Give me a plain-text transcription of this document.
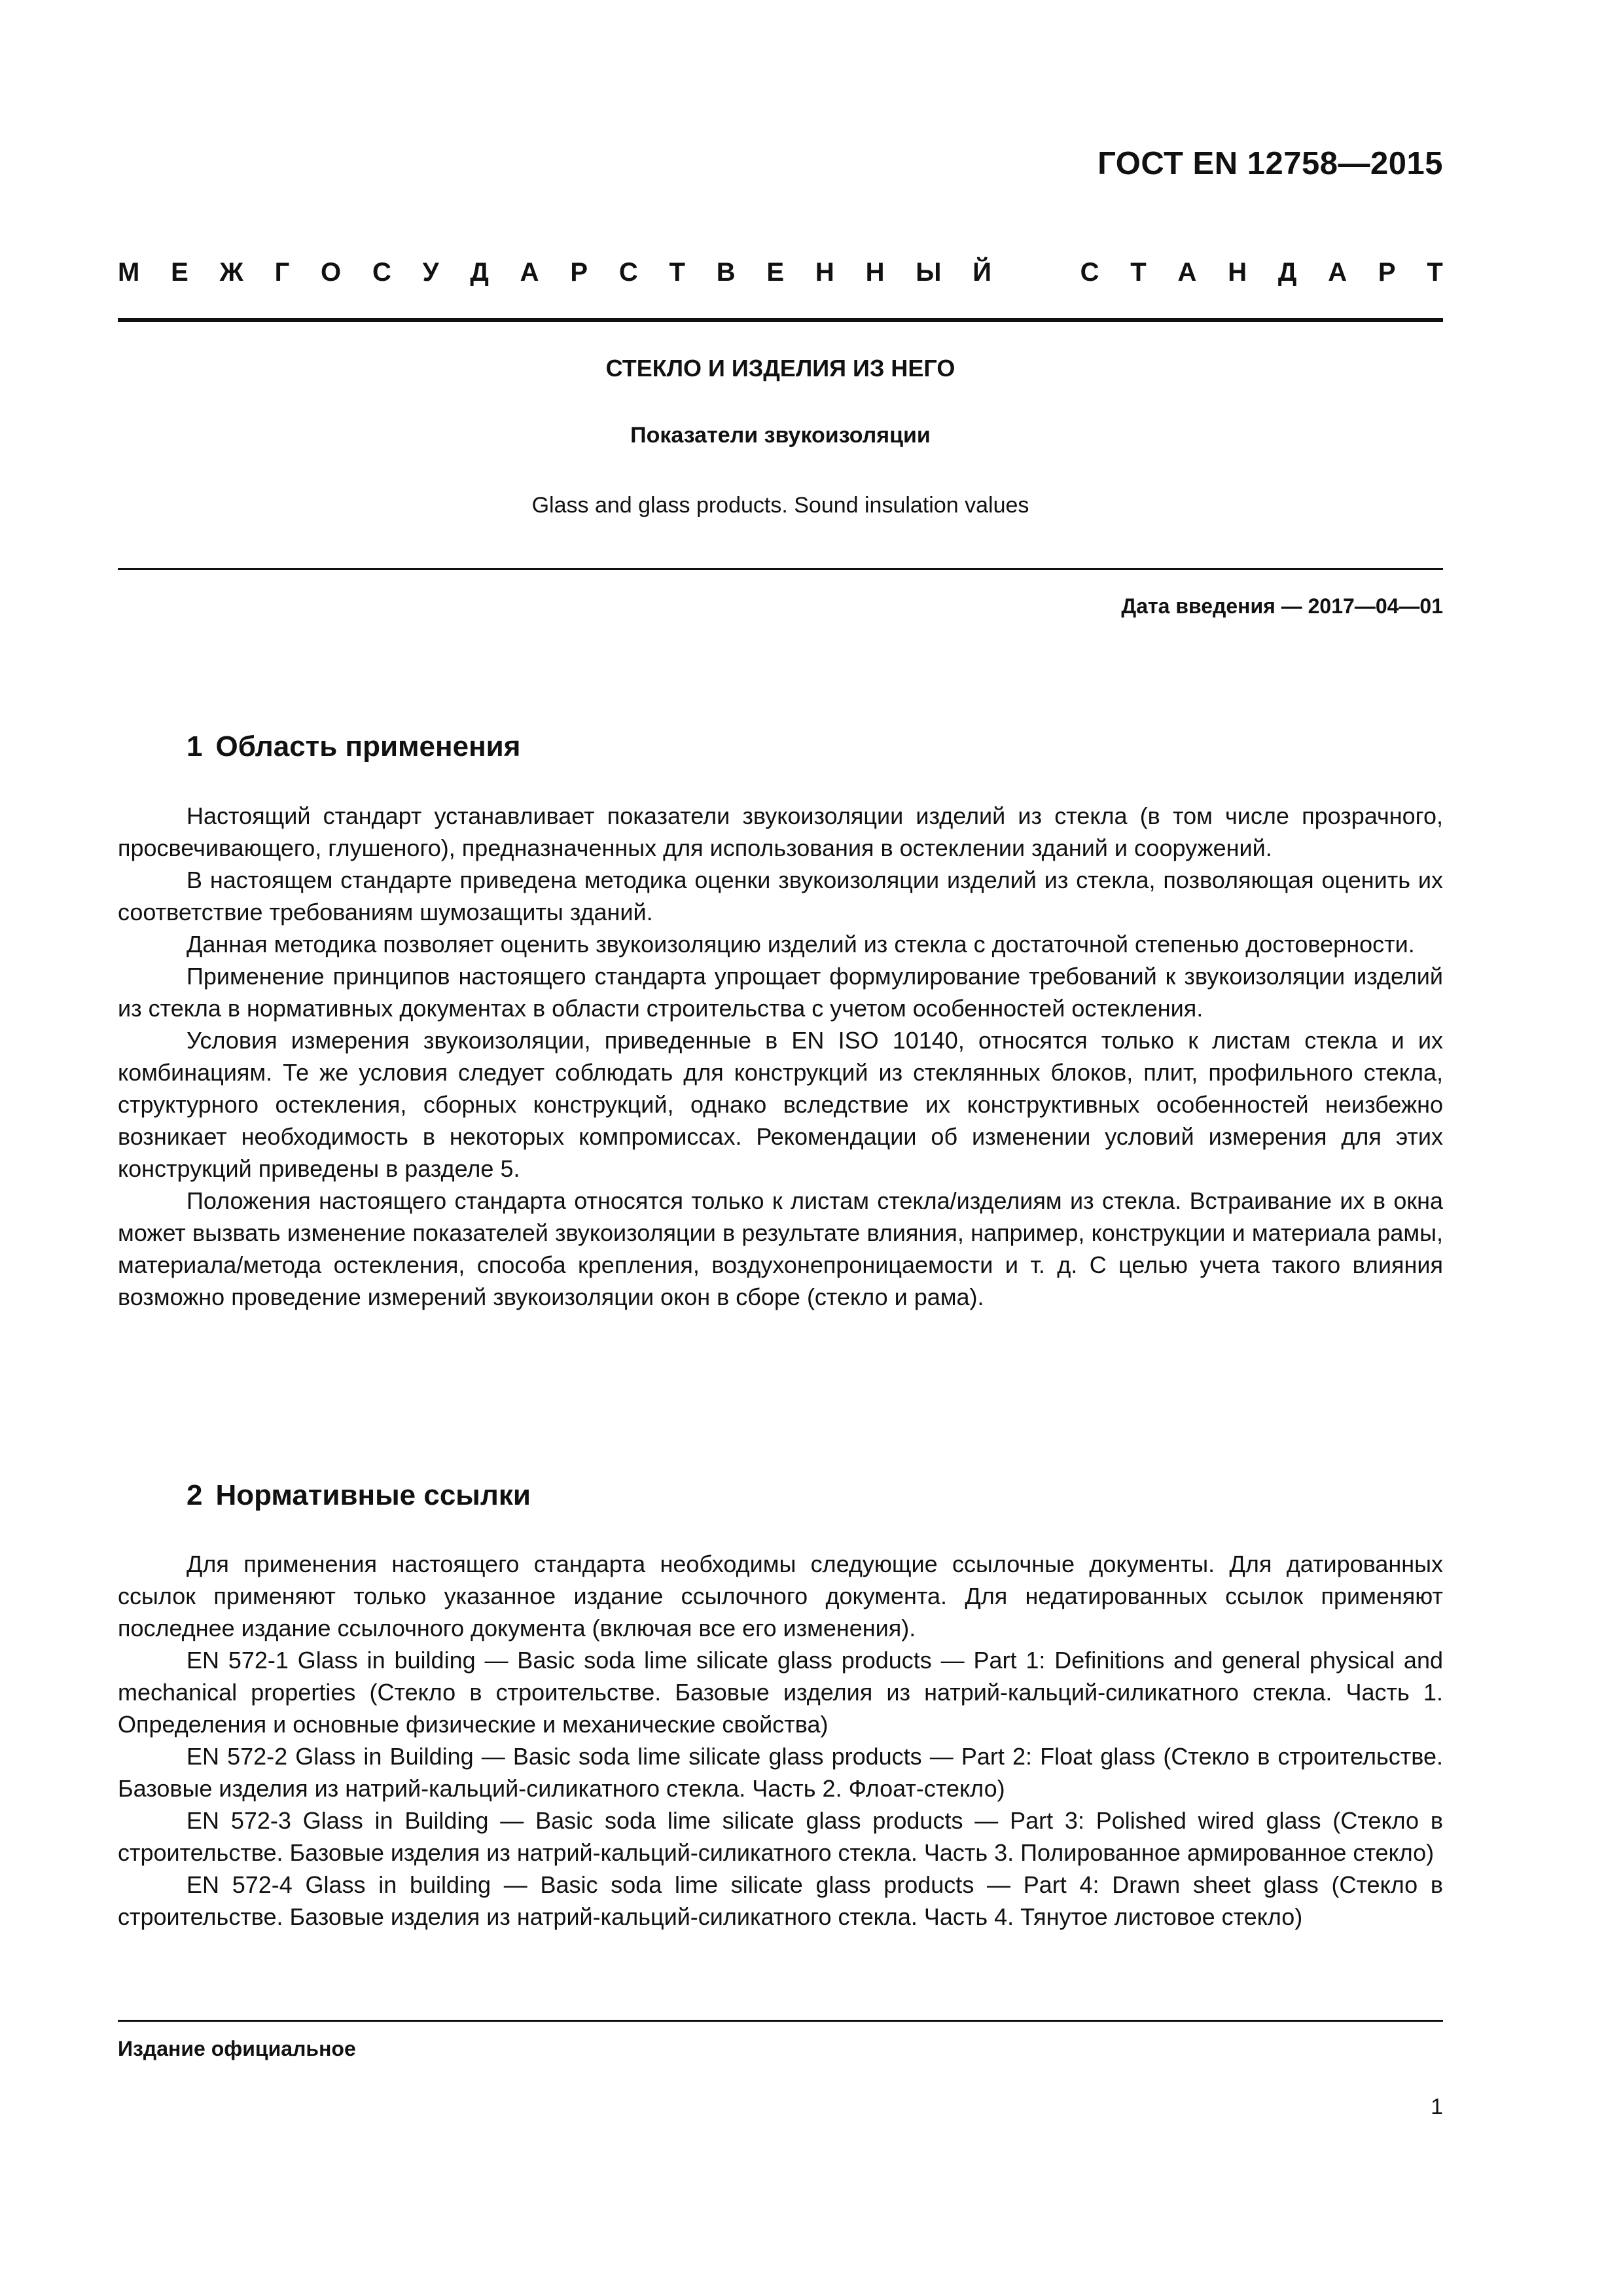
ГОСТ EN 12758—2015
М Е Ж Г О С У Д А Р С Т В Е Н Н Ы Й	С Т А Н Д А Р Т
СТЕКЛО И ИЗДЕЛИЯ ИЗ НЕГО
Показатели звукоизоляции
Glass and glass products. Sound insulation values
Дата введения — 2017—04—01
1 Область применения

Настоящий стандарт устанавливает показатели звукоизоляции изделий из стекла (в том числе прозрачного, просвечивающего, глушеного), предназначенных для использования в остеклении зданий и сооружений.

В настоящем стандарте приведена методика оценки звукоизоляции изделий из стекла, позволяющая оценить их соответствие требованиям шумозащиты зданий.

Данная методика позволяет оценить звукоизоляцию изделий из стекла с достаточной степенью достоверности.

Применение принципов настоящего стандарта упрощает формулирование требований к звукоизоляции изделий из стекла в нормативных документах в области строительства с учетом особенностей остекления.

Условия измерения звукоизоляции, приведенные в EN ISO 10140, относятся только к листам стекла и их комбинациям. Те же условия следует соблюдать для конструкций из стеклянных блоков, плит, профильного стекла, структурного остекления, сборных конструкций, однако вследствие их конструктивных особенностей неизбежно возникает необходимость в некоторых компромиссах. Рекомендации об изменении условий измерения для этих конструкций приведены в разделе 5.

Положения настоящего стандарта относятся только к листам стекла/изделиям из стекла. Встраивание их в окна может вызвать изменение показателей звукоизоляции в результате влияния, например, конструкции и материала рамы, материала/метода остекления, способа крепления, воздухонепроницаемости и т. д. С целью учета такого влияния возможно проведение измерений звукоизоляции окон в сборе (стекло и рама).

2 Нормативные ссылки

Для применения настоящего стандарта необходимы следующие ссылочные документы. Для датированных ссылок применяют только указанное издание ссылочного документа. Для недатированных ссылок применяют последнее издание ссылочного документа (включая все его изменения).

EN 572-1 Glass in building — Basic soda lime silicate glass products — Part 1: Definitions and general physical and mechanical properties (Стекло в строительстве. Базовые изделия из натрий-кальций-силикатного стекла. Часть 1. Определения и основные физические и механические свойства)

EN 572-2 Glass in Building — Basic soda lime silicate glass products — Part 2: Float glass (Стекло в строительстве. Базовые изделия из натрий-кальций-силикатного стекла. Часть 2. Флоат-стекло)

EN 572-3 Glass in Building — Basic soda lime silicate glass products — Part 3: Polished wired glass (Стекло в строительстве. Базовые изделия из натрий-кальций-силикатного стекла. Часть 3. Полированное армированное стекло)

EN 572-4 Glass in building — Basic soda lime silicate glass products — Part 4: Drawn sheet glass (Стекло в строительстве. Базовые изделия из натрий-кальций-силикатного стекла. Часть 4. Тянутое листовое стекло)

Издание официальное
1
